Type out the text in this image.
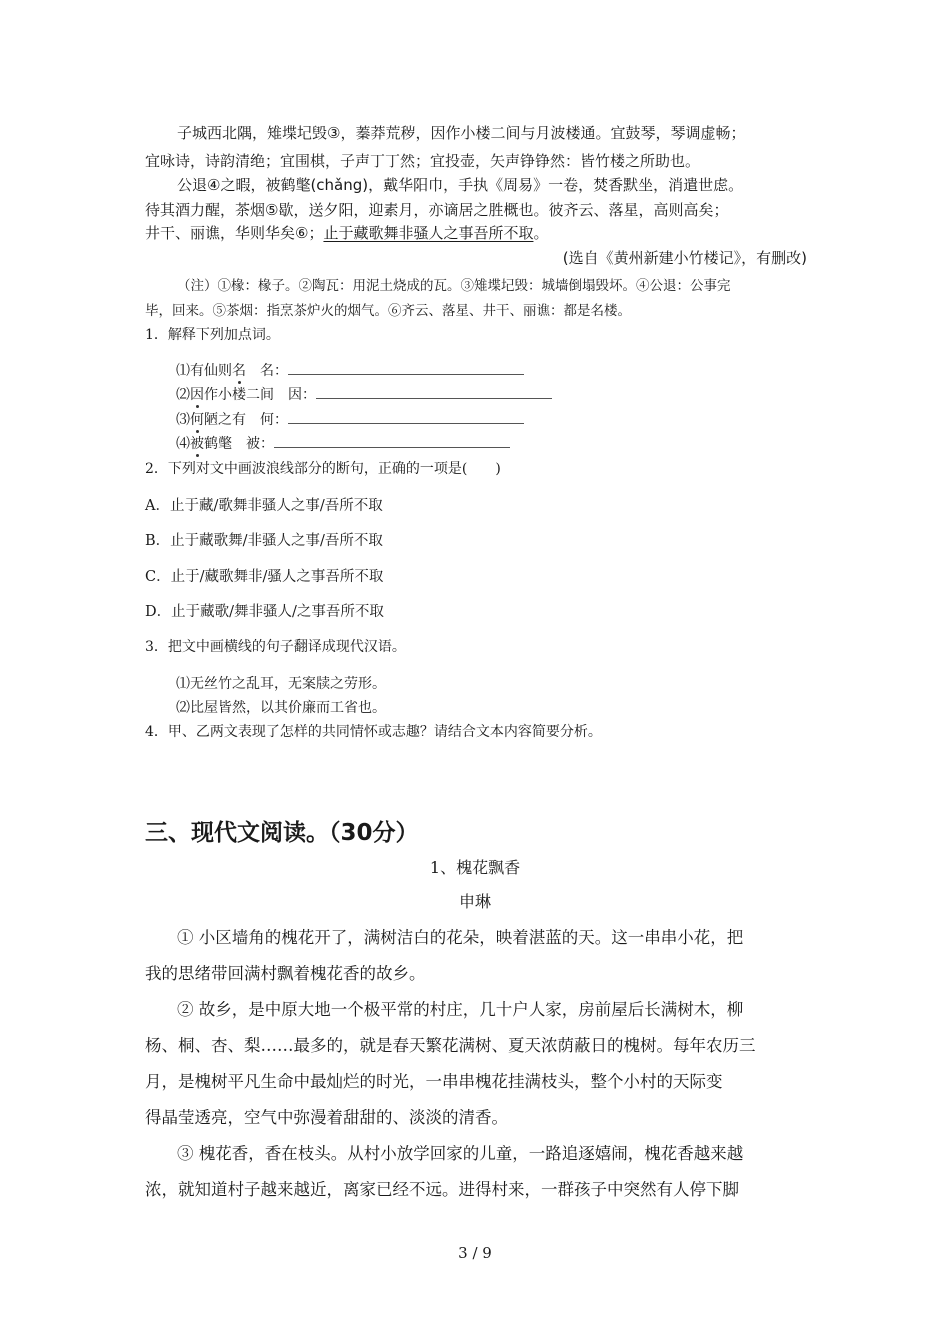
子城西北隅，雉堞圮毁③，蓁莽荒秽，因作小楼二间与月波楼通。宜鼓琴，琴调虚畅；
宜咏诗，诗韵清绝；宜围棋，子声丁丁然；宜投壶，矢声铮铮然：皆竹楼之所助也。
公退④之暇，被鹤氅(chǎng)，戴华阳巾，手执《周易》一卷，焚香默坐，消遣世虑。
待其酒力醒，茶烟⑤歇，送夕阳，迎素月，亦谪居之胜概也。彼齐云、落星，高则高矣；
井干、丽谯，华则华矣⑥；止于藏歌舞非骚人之事吾所不取。
(选自《黄州新建小竹楼记》，有删改)
（注）①椽：椽子。②陶瓦：用泥土烧成的瓦。③雉堞圮毁：城墙倒塌毁坏。④公退：公事完
毕，回来。⑤茶烟：指烹茶炉火的烟气。⑥齐云、落星、井干、丽谯：都是名楼。
1．解释下列加点词。
⑴有仙则名　名：
⑵因作小楼二间　因：
⑶何陋之有　何：
⑷被鹤氅　被：
2．下列对文中画波浪线部分的断句，正确的一项是(　　)
A．止于藏/歌舞非骚人之事/吾所不取
B．止于藏歌舞/非骚人之事/吾所不取
C．止于/藏歌舞非/骚人之事吾所不取
D．止于藏歌/舞非骚人/之事吾所不取
3．把文中画横线的句子翻译成现代汉语。
⑴无丝竹之乱耳，无案牍之劳形。
⑵比屋皆然，以其价廉而工省也。
4．甲、乙两文表现了怎样的共同情怀或志趣？请结合文本内容简要分析。
三、现代文阅读。（30分）
1、槐花飘香
申琳
① 小区墙角的槐花开了，满树洁白的花朵，映着湛蓝的天。这一串串小花，把
我的思绪带回满村飘着槐花香的故乡。
② 故乡，是中原大地一个极平常的村庄，几十户人家，房前屋后长满树木，柳
杨、桐、杏、梨……最多的，就是春天繁花满树、夏天浓荫蔽日的槐树。每年农历三
月，是槐树平凡生命中最灿烂的时光，一串串槐花挂满枝头，整个小村的天际变
得晶莹透亮，空气中弥漫着甜甜的、淡淡的清香。
③ 槐花香，香在枝头。从村小放学回家的儿童，一路追逐嬉闹，槐花香越来越
浓，就知道村子越来越近，离家已经不远。进得村来，一群孩子中突然有人停下脚
3 / 9
